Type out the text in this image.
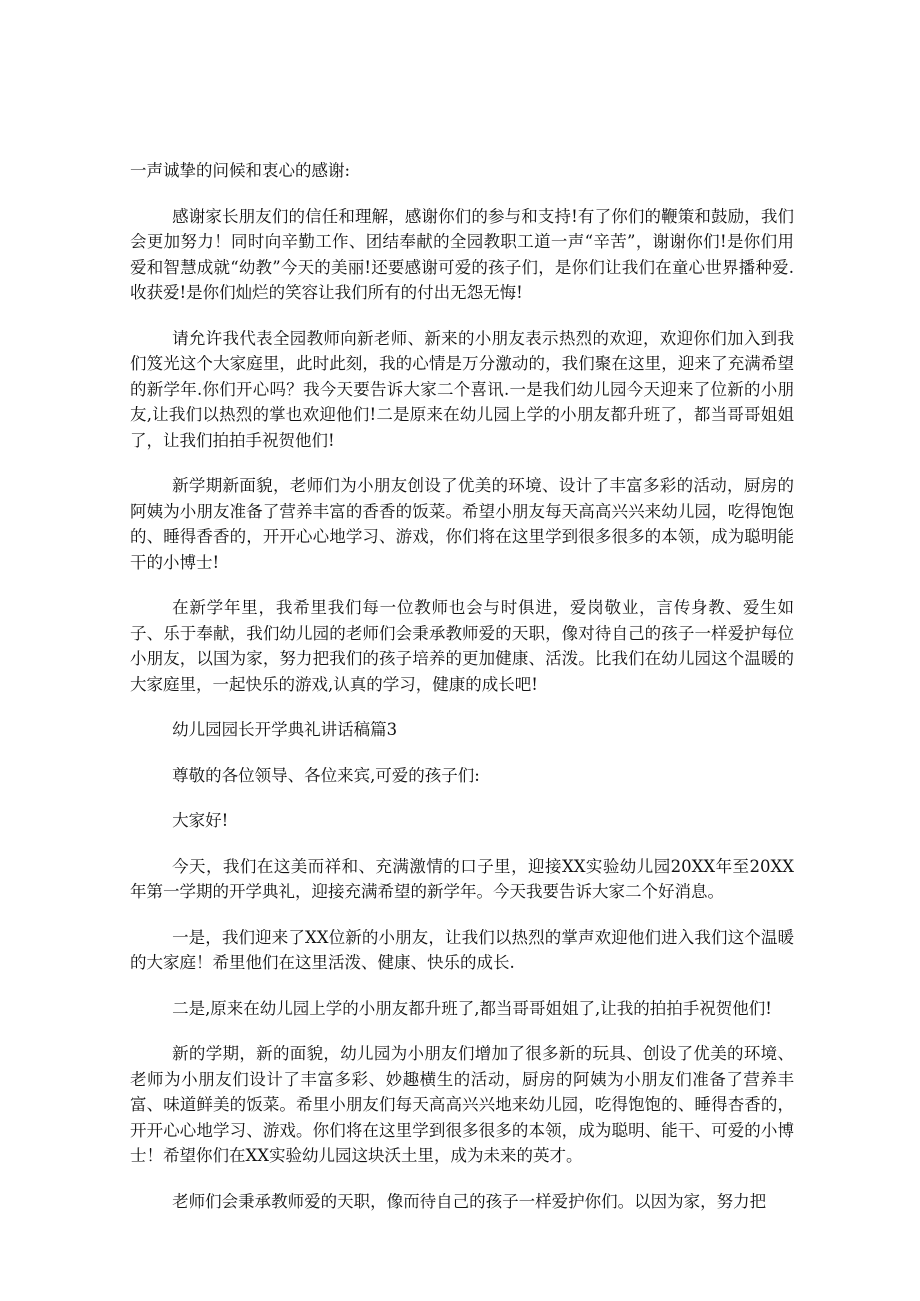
一声诚挚的问候和衷心的感谢:

感谢家长朋友们的信任和理解，感谢你们的参与和支持!有了你们的鞭策和鼓励，我们会更加努力！同时向辛勤工作、团结奉献的全园教职工道一声“辛苦”，谢谢你们!是你们用爱和智慧成就“幼教”今天的美丽!还要感谢可爱的孩子们，是你们让我们在童心世界播种爱.收获爱!是你们灿烂的笑容让我们所有的付出无怨无悔!

请允许我代表全园教师向新老师、新来的小朋友表示热烈的欢迎，欢迎你们加入到我们笈光这个大家庭里，此时此刻，我的心情是万分激动的，我们聚在这里，迎来了充满希望的新学年.你们开心吗？我今天要告诉大家二个喜讯.一是我们幼儿园今天迎来了位新的小朋友,让我们以热烈的掌也欢迎他们!二是原来在幼儿园上学的小朋友都升班了，都当哥哥姐姐了，让我们拍拍手祝贺他们!

新学期新面貌，老师们为小朋友创设了优美的环境、设计了丰富多彩的活动，厨房的阿姨为小朋友准备了营养丰富的香香的饭菜。希望小朋友每天高高兴兴来幼儿园，吃得饱饱的、睡得香香的，开开心心地学习、游戏，你们将在这里学到很多很多的本领，成为聪明能干的小博士!

在新学年里，我希里我们每一位教师也会与时俱进，爱岗敬业，言传身教、爱生如子、乐于奉献，我们幼儿园的老师们会秉承教师爱的天职，像对待自己的孩子一样爱护每位小朋友，以国为家，努力把我们的孩子培养的更加健康、活泼。比我们在幼儿园这个温暖的大家庭里，一起快乐的游戏,认真的学习，健康的成长吧!

幼儿园园长开学典礼讲话稿篇3

尊敬的各位领导、各位来宾,可爱的孩子们:

大家好!

今天，我们在这美而祥和、充满激情的口子里，迎接XX实验幼儿园20XX年至20XX年第一学期的开学典礼，迎接充满希望的新学年。今天我要告诉大家二个好消息。

一是，我们迎来了XX位新的小朋友，让我们以热烈的掌声欢迎他们进入我们这个温暖的大家庭！希里他们在这里活泼、健康、快乐的成长.

二是,原来在幼儿园上学的小朋友都升班了,都当哥哥姐姐了,让我的拍拍手祝贺他们!

新的学期，新的面貌，幼儿园为小朋友们增加了很多新的玩具、创设了优美的环境、老师为小朋友们设计了丰富多彩、妙趣横生的活动，厨房的阿姨为小朋友们准备了营养丰富、味道鲜美的饭菜。希里小朋友们每天高高兴兴地来幼儿园，吃得饱饱的、睡得杏香的，开开心心地学习、游戏。你们将在这里学到很多很多的本领，成为聪明、能干、可爱的小博士！希望你们在XX实验幼儿园这块沃土里，成为未来的英才。

老师们会秉承教师爱的天职，像而待自己的孩子一样爱护你们。以因为家，努力把
